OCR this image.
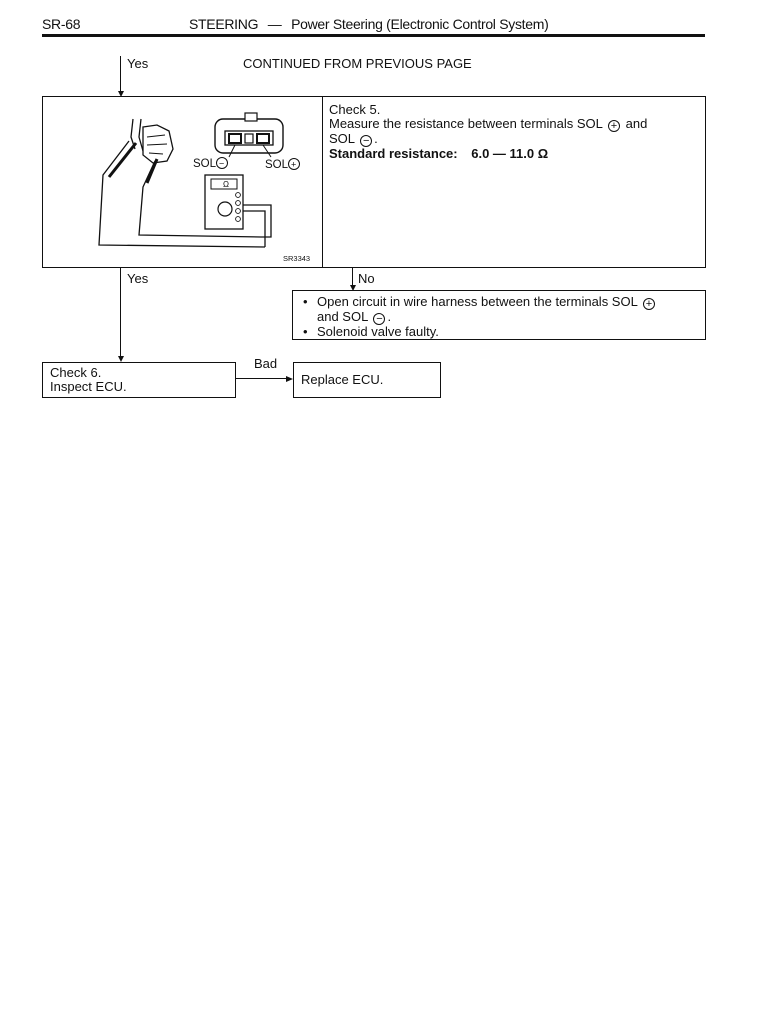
SR-68	STEERING — Power Steering (Electronic Control System)
Yes	CONTINUED FROM PREVIOUS PAGE
Ω
SOL −	SOL +
SR3343
Check 5.
Measure the resistance between terminals SOL + and
SOL − .
Standard resistance: 6.0 — 11.0 Ω
Yes	No
• Open circuit in wire harness between the terminals SOL +
and SOL − .
• Solenoid valve faulty.
Check 6.
Inspect ECU.
Bad
Replace ECU.
